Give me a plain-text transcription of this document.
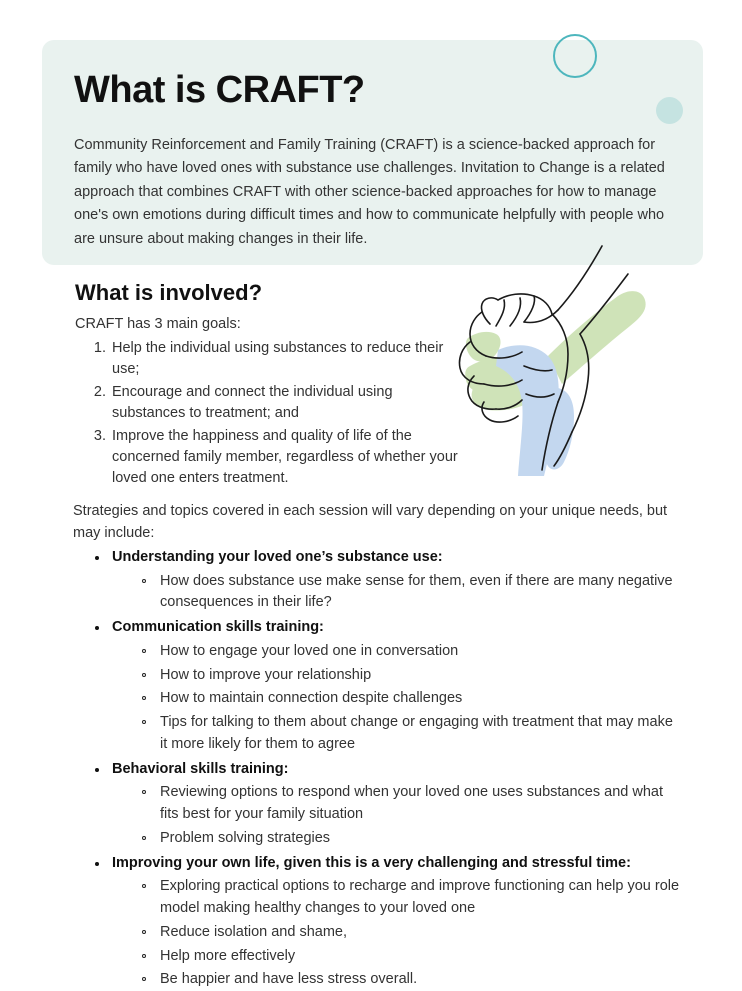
What is CRAFT?

Community Reinforcement and Family Training (CRAFT) is a science-backed approach for family who have loved ones with substance use challenges. Invitation to Change is a related approach that combines CRAFT with other science-backed approaches for how to manage one's own emotions during difficult times and how to communicate helpfully with people who are unsure about making changes in their life.

What is involved?

CRAFT has 3 main goals:

1. Help the individual using substances to reduce their use;
2. Encourage and connect the individual using substances to treatment; and
3. Improve the happiness and quality of life of the concerned family member, regardless of whether your loved one enters treatment.

Strategies and topics covered in each session will vary depending on your unique needs, but may include:

Understanding your loved one’s substance use:
How does substance use make sense for them, even if there are many negative consequences in their life?
Communication skills training:
How to engage your loved one in conversation
How to improve your relationship
How to maintain connection despite challenges
Tips for talking to them about change or engaging with treatment that may make it more likely for them to agree
Behavioral skills training:
Reviewing options to respond when your loved one uses substances and what fits best for your family situation
Problem solving strategies
Improving your own life, given this is a very challenging and stressful time:
Exploring practical options to recharge and improve functioning can help you role model making healthy changes to your loved one
Reduce isolation and shame,
Help more effectively
Be happier and have less stress overall.
